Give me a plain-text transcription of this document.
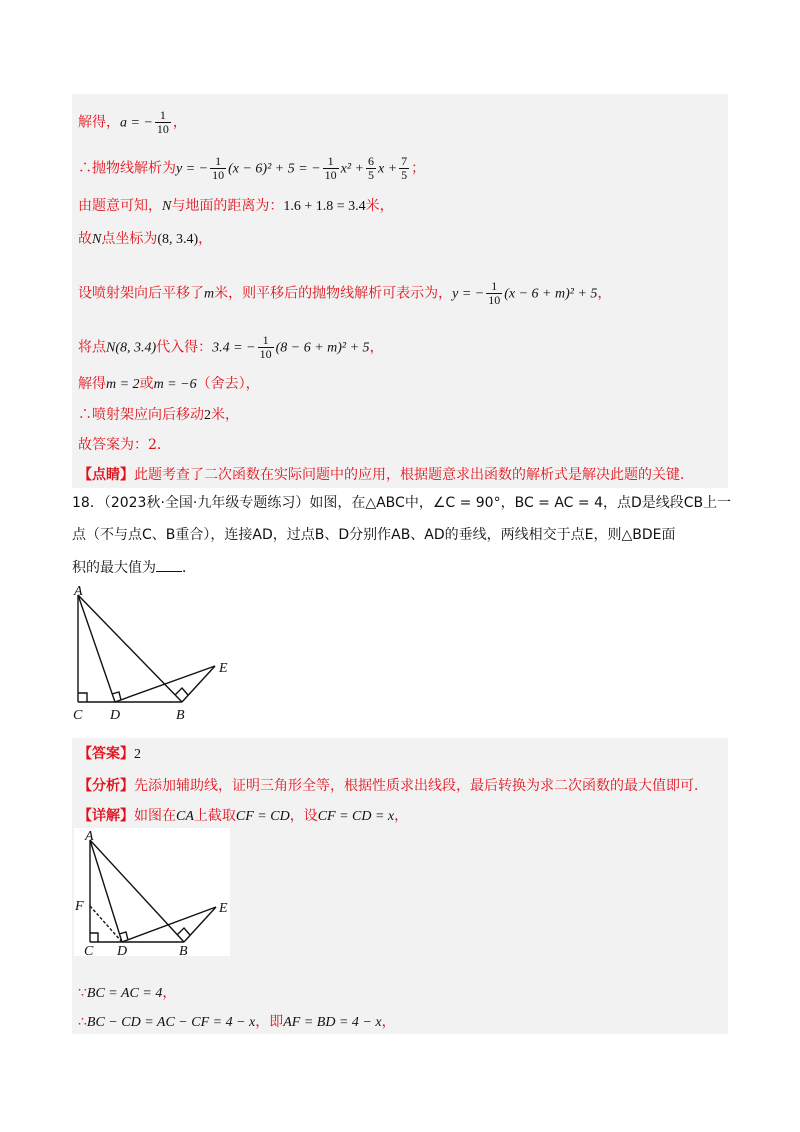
解得，a = − $\frac{1}{10}$ ，
∴抛物线解析为y = − $\frac{1}{10} (x - 6)^2 + 5$ = − $\frac{1}{10} x^2 + \frac{6}{5}$ $x + \frac{7}{5}$ ；
由题意可知，N与地面的距离为：1.6 + 1.8 = 3.4米，
故N点坐标为(8, 3.4)，
设喷射架向后平移了m米，则平移后的抛物线解析可表示为，y = − $\frac{1}{10} (x - 6 + m)^2 + 5$，
将点N(8, 3.4)代入得：3.4 = − $\frac{1}{10} (8 - 6 + m)^2 + 5$，
解得m = 2或m = −6（舍去），
∴喷射架应向后移动2米，
故答案为：2．
【点睛】此题考查了二次函数在实际问题中的应用，根据题意求出函数的解析式是解决此题的关键．
18．（2023秋·全国·九年级专题练习）如图，在△ABC中，∠C = 90°，BC = AC = 4，点D是线段CB上一
点（不与点C、B重合），连接AD，过点B、D分别作AB、AD的垂线，两线相交于点E，则△BDE面
积的最大值为 ．
A
C D	B
E
【答案】2
【分析】先添加辅助线，证明三角形全等，根据性质求出线段，最后转换为求二次函数的最大值即可．
【详解】如图在CA上截取CF = CD，设CF = CD = x，
A
F
C D	B
E
∵BC = AC = 4，
∴BC − CD = AC − CF = 4 − x，即AF = BD = 4 − x，
